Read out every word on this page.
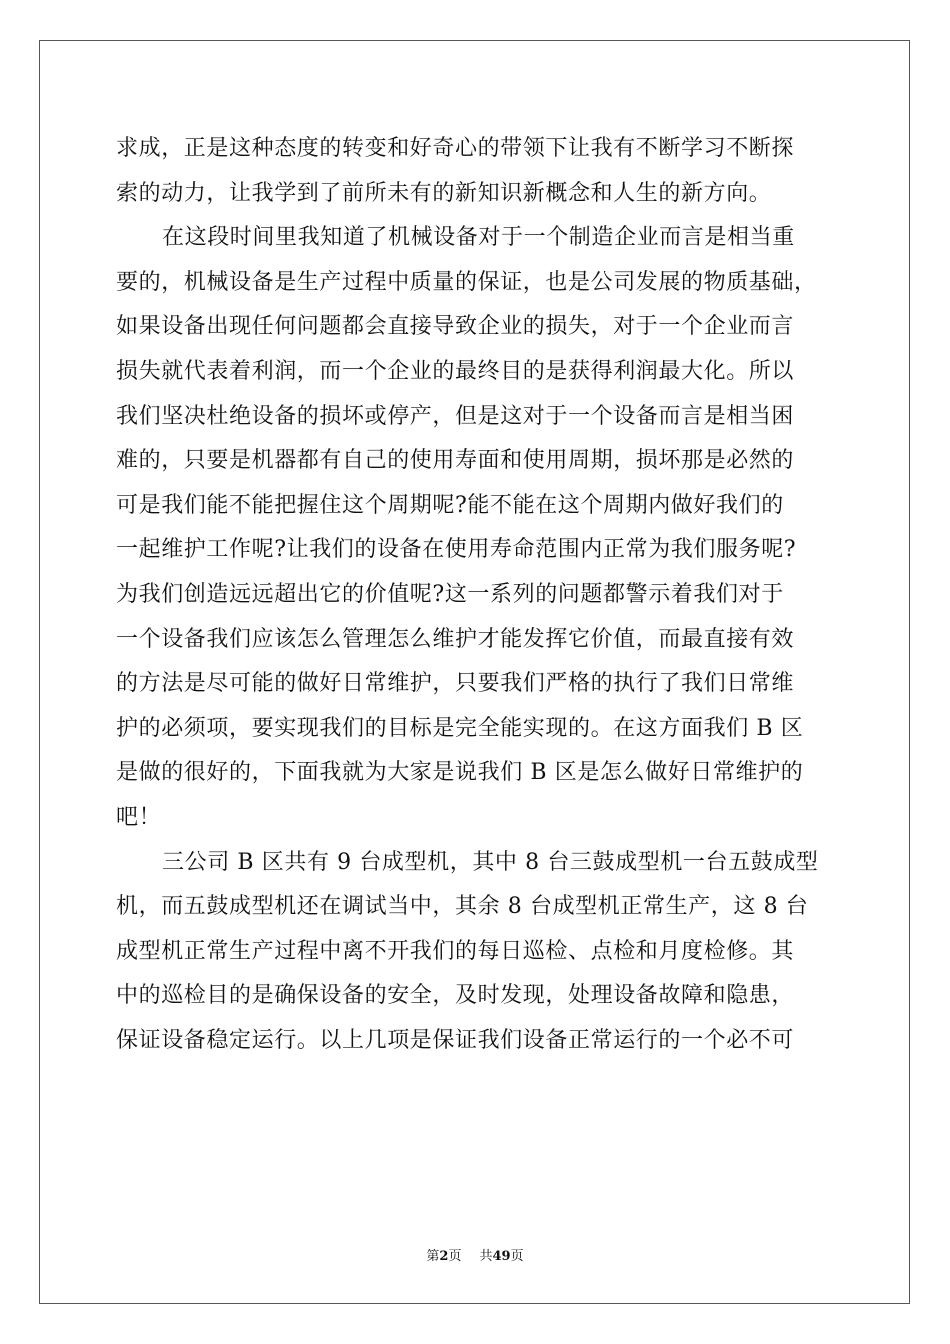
求成，正是这种态度的转变和好奇心的带领下让我有不断学习不断探
索的动力，让我学到了前所未有的新知识新概念和人生的新方向。
在这段时间里我知道了机械设备对于一个制造企业而言是相当重
要的，机械设备是生产过程中质量的保证，也是公司发展的物质基础，
如果设备出现任何问题都会直接导致企业的损失，对于一个企业而言
损失就代表着利润，而一个企业的最终目的是获得利润最大化。所以
我们坚决杜绝设备的损坏或停产，但是这对于一个设备而言是相当困
难的，只要是机器都有自己的使用寿面和使用周期，损坏那是必然的
可是我们能不能把握住这个周期呢?能不能在这个周期内做好我们的
一起维护工作呢?让我们的设备在使用寿命范围内正常为我们服务呢?
为我们创造远远超出它的价值呢?这一系列的问题都警示着我们对于
一个设备我们应该怎么管理怎么维护才能发挥它价值，而最直接有效
的方法是尽可能的做好日常维护，只要我们严格的执行了我们日常维
护的必须项，要实现我们的目标是完全能实现的。在这方面我们 B 区
是做的很好的，下面我就为大家是说我们 B 区是怎么做好日常维护的
吧！
三公司 B 区共有 9 台成型机，其中 8 台三鼓成型机一台五鼓成型
机，而五鼓成型机还在调试当中，其余 8 台成型机正常生产，这 8 台
成型机正常生产过程中离不开我们的每日巡检、点检和月度检修。其
中的巡检目的是确保设备的安全，及时发现，处理设备故障和隐患，
保证设备稳定运行。以上几项是保证我们设备正常运行的一个必不可
第2页 共49页
